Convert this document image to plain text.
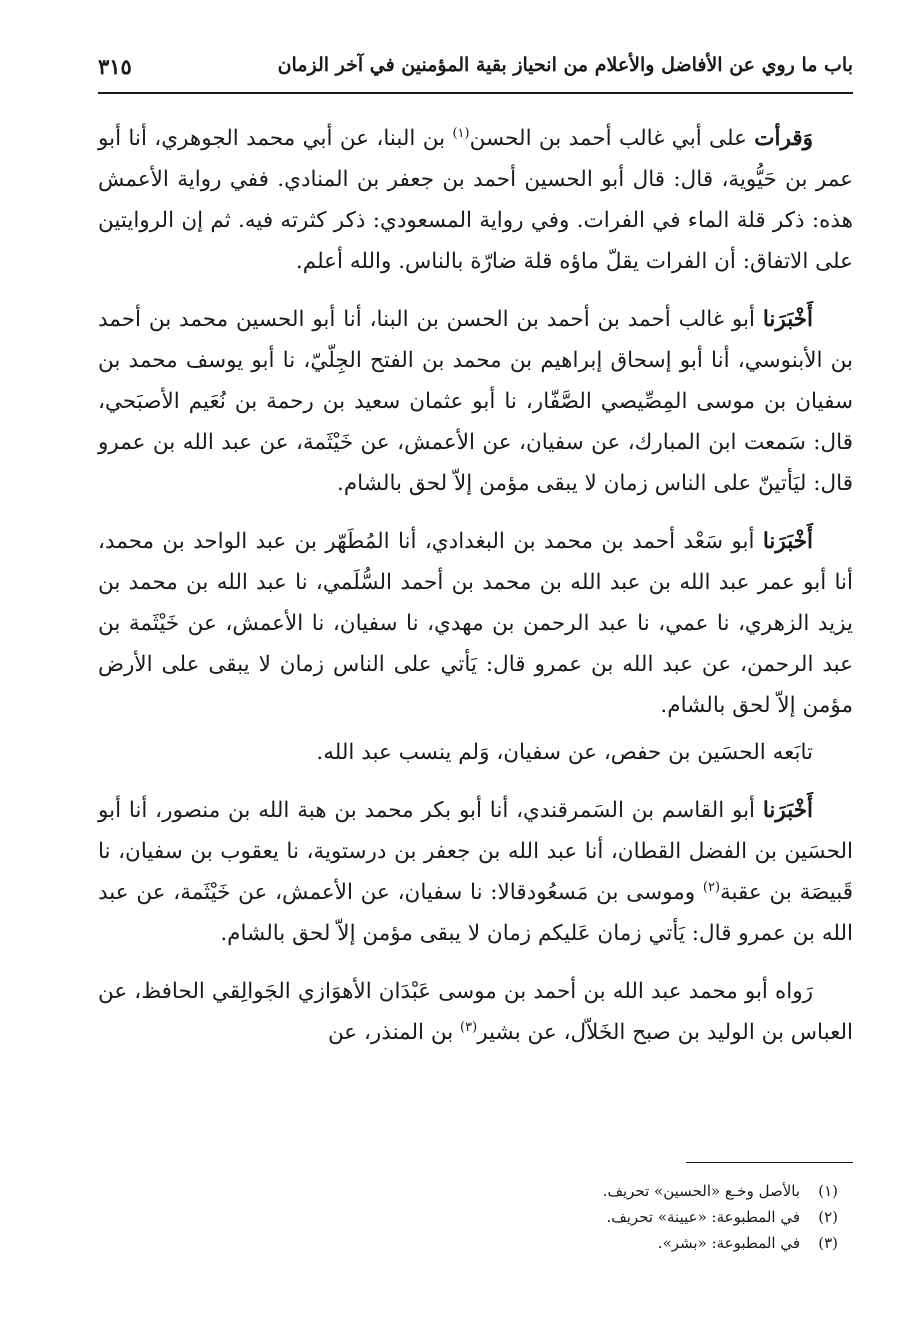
باب ما روي عن الأفاضل والأعلام من انحياز بقية المؤمنين في آخر الزمان
٣١٥

وَقرأت على أبي غالب أحمد بن الحسن$^{(١)}$ بن البنا، عن أبي محمد الجوهري، أنا أبو عمر بن حَيُّوية، قال: قال أبو الحسين أحمد بن جعفر بن المنادي. ففي رواية الأعمش هذه: ذكر قلة الماء في الفرات. وفي رواية المسعودي: ذكر كثرته فيه. ثم إن الروايتين على الاتفاق: أن الفرات يقلّ ماؤه قلة ضارّة بالناس. والله أعلم.

أَخْبَرَنا أبو غالب أحمد بن أحمد بن الحسن بن البنا، أنا أبو الحسين محمد بن أحمد بن الأبنوسي، أنا أبو إسحاق إبراهيم بن محمد بن الفتح الجِلّيّ، نا أبو يوسف محمد بن سفيان بن موسى المِصِّيصي الصَّفّار، نا أبو عثمان سعيد بن رحمة بن نُعَيم الأصبَحي، قال: سَمعت ابن المبارك، عن سفيان، عن الأعمش، عن خَيْثَمة، عن عبد الله بن عمرو قال: ليَأتينّ على الناس زمان لا يبقى مؤمن إلاّ لحق بالشام.

أَخْبَرَنا أبو سَعْد أحمد بن محمد بن البغدادي، أنا المُطَهّر بن عبد الواحد بن محمد، أنا أبو عمر عبد الله بن عبد الله بن محمد بن أحمد السُّلَمي، نا عبد الله بن محمد بن يزيد الزهري، نا عمي، نا عبد الرحمن بن مهدي، نا سفيان، نا الأعمش، عن خَيْثَمة بن عبد الرحمن، عن عبد الله بن عمرو قال: يَأتي على الناس زمان لا يبقى على الأرض مؤمن إلاّ لحق بالشام.

تابَعه الحسَين بن حفص، عن سفيان، وَلم ينسب عبد الله.

أَخْبَرَنا أبو القاسم بن السَمرقندي، أنا أبو بكر محمد بن هبة الله بن منصور، أنا أبو الحسَين بن الفضل القطان، أنا عبد الله بن جعفر بن درستوية، نا يعقوب بن سفيان، نا قَبيصَة بن عقبة$^{(٢)}$ وموسى بن مَسعُودقالا: نا سفيان، عن الأعمش، عن خَيْثَمة، عن عبد الله بن عمرو قال: يَأتي زمان عَليكم زمان لا يبقى مؤمن إلاّ لحق بالشام.

رَواه أبو محمد عبد الله بن أحمد بن موسى عَبْدَان الأهوَازي الجَوالِقي الحافظ، عن العباس بن الوليد بن صبح الخَلاّل، عن بشير$^{(٣)}$ بن المنذر، عن

(١)بالأصل وخـع «الحسين» تحريف.

(٢)في المطبوعة: «عيينة» تحريف.

(٣)في المطبوعة: «بشر».
